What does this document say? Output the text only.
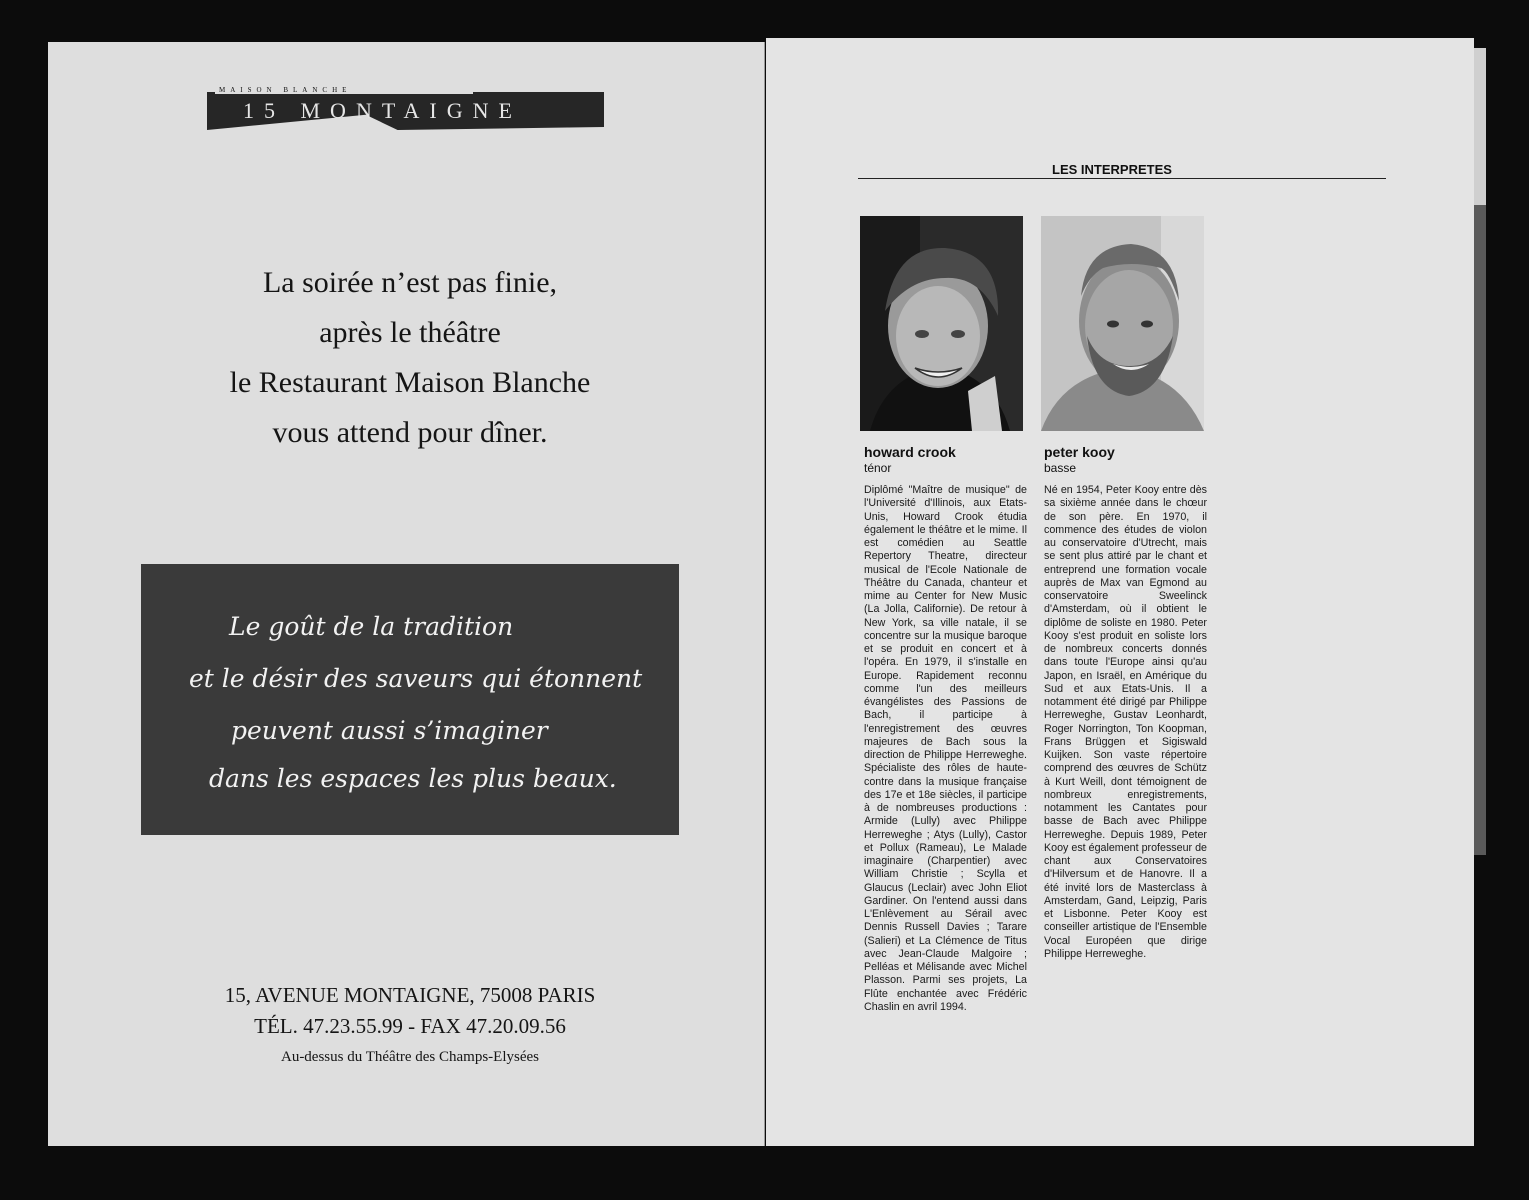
MAISON BLANCHE
15 MONTAIGNE
La soirée n’est pas finie,
après le théâtre
le Restaurant Maison Blanche
vous attend pour dîner.
Le goût de la tradition
et le désir des saveurs qui étonnent
peuvent aussi s’imaginer
dans les espaces les plus beaux.
15, AVENUE MONTAIGNE, 75008 PARIS
TÉL. 47.23.55.99 - FAX 47.20.09.56
Au-dessus du Théâtre des Champs-Elysées
LES INTERPRETES
howard crook
ténor
peter kooy
basse

Diplômé "Maître de musique" de l'Université d'Illinois, aux Etats-Unis, Howard Crook étudia également le théâtre et le mime. Il est comédien au Seattle Repertory Theatre, directeur musical de l'Ecole Nationale de Théâtre du Canada, chanteur et mime au Center for New Music (La Jolla, Californie). De retour à New York, sa ville natale, il se concentre sur la musique baroque et se produit en concert et à l'opéra. En 1979, il s'installe en Europe. Rapidement reconnu comme l'un des meilleurs évangélistes des Passions de Bach, il participe à l'enregistrement des œuvres majeures de Bach sous la direction de Philippe Herreweghe. Spécialiste des rôles de haute-contre dans la musique française des 17e et 18e siècles, il participe à de nombreuses productions : Armide (Lully) avec Philippe Herreweghe ; Atys (Lully), Castor et Pollux (Rameau), Le Malade imaginaire (Charpentier) avec William Christie ; Scylla et Glaucus (Leclair) avec John Eliot Gardiner. On l'entend aussi dans L'Enlèvement au Sérail avec Dennis Russell Davies ; Tarare (Salieri) et La Clémence de Titus avec Jean-Claude Malgoire ; Pelléas et Mélisande avec Michel Plasson. Parmi ses projets, La Flûte enchantée avec Frédéric Chaslin en avril 1994.

Né en 1954, Peter Kooy entre dès sa sixième année dans le chœur de son père. En 1970, il commence des études de violon au conservatoire d'Utrecht, mais se sent plus attiré par le chant et entreprend une formation vocale auprès de Max van Egmond au conservatoire Sweelinck d'Amsterdam, où il obtient le diplôme de soliste en 1980. Peter Kooy s'est produit en soliste lors de nombreux concerts donnés dans toute l'Europe ainsi qu'au Japon, en Israël, en Amérique du Sud et aux Etats-Unis. Il a notamment été dirigé par Philippe Herreweghe, Gustav Leonhardt, Roger Norrington, Ton Koopman, Frans Brüggen et Sigiswald Kuijken. Son vaste répertoire comprend des œuvres de Schütz à Kurt Weill, dont témoignent de nombreux enregistrements, notamment les Cantates pour basse de Bach avec Philippe Herreweghe. Depuis 1989, Peter Kooy est également professeur de chant aux Conservatoires d'Hilversum et de Hanovre. Il a été invité lors de Masterclass à Amsterdam, Gand, Leipzig, Paris et Lisbonne. Peter Kooy est conseiller artistique de l'Ensemble Vocal Européen que dirige Philippe Herreweghe.
